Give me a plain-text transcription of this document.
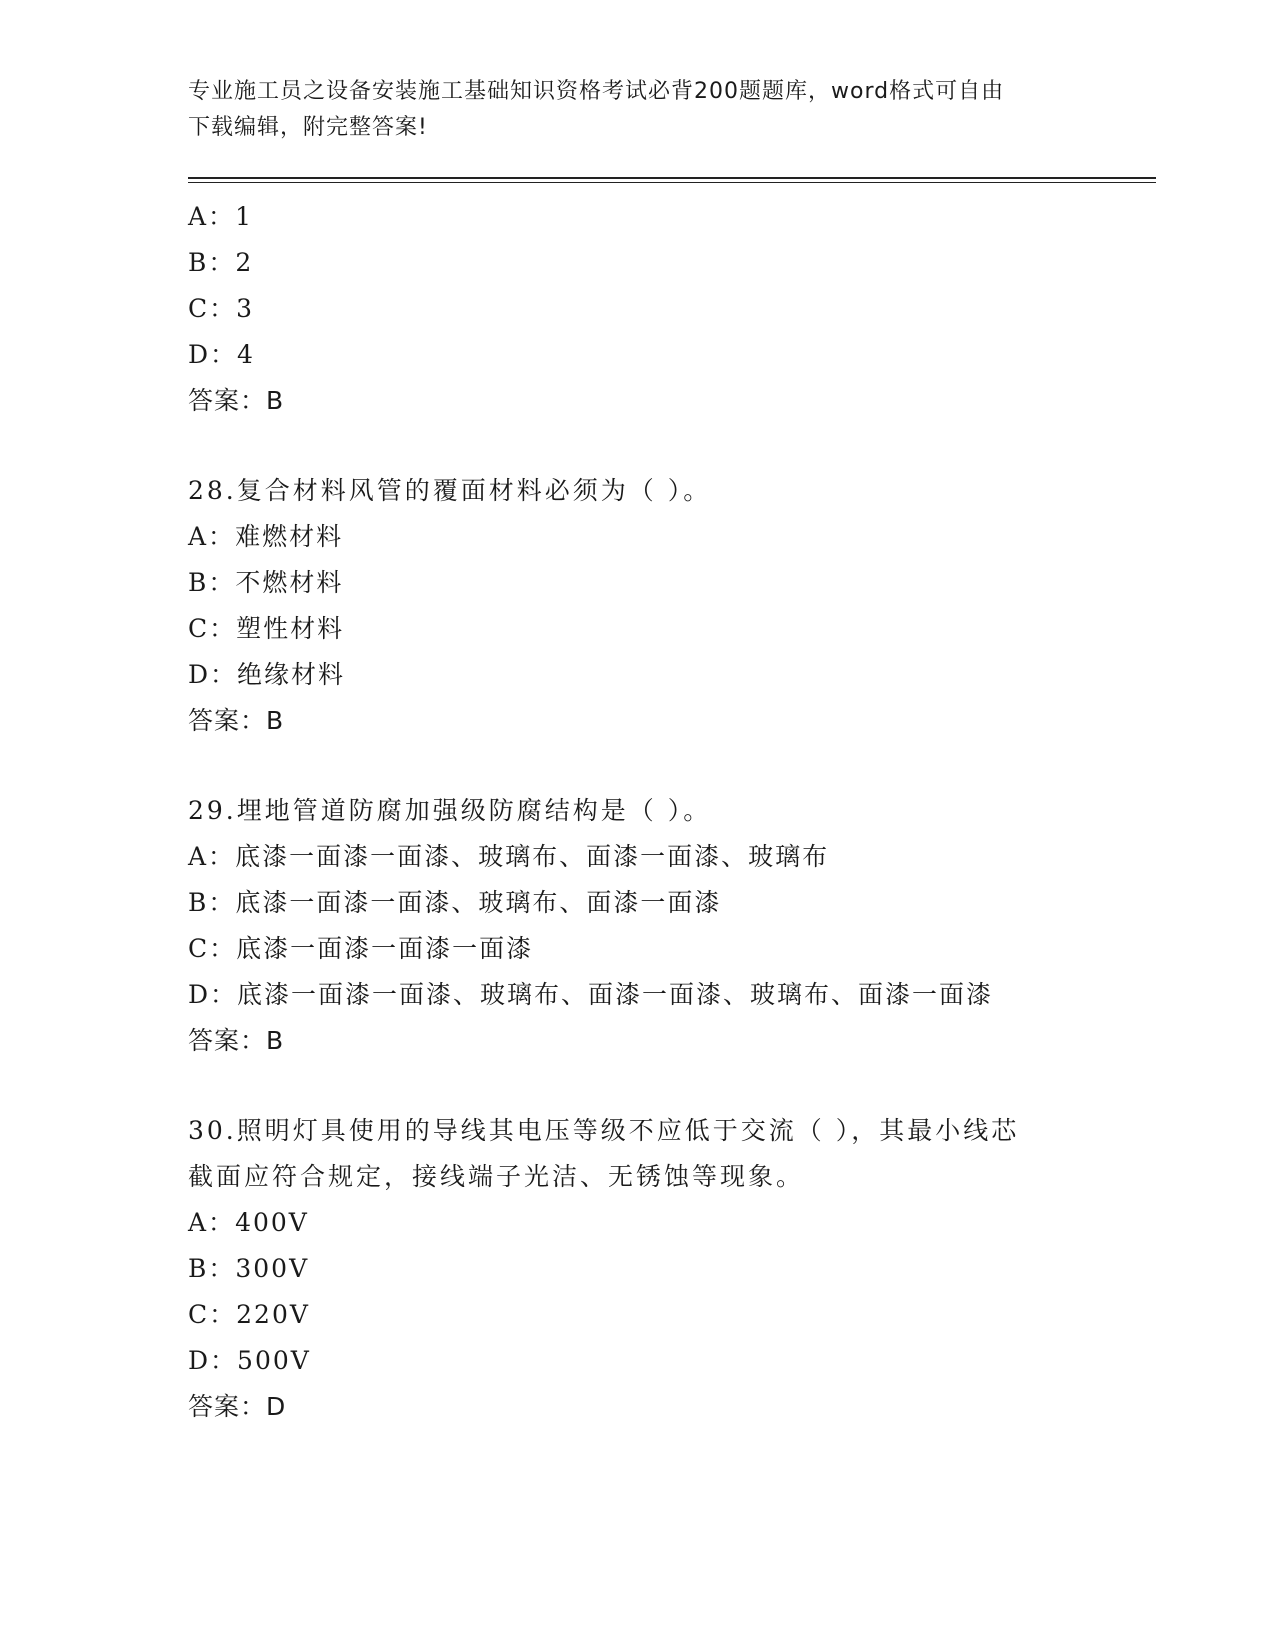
专业施工员之设备安装施工基础知识资格考试必背200题题库，word格式可自由
下载编辑，附完整答案!
A：1
B：2
C：3
D：4
答案：B
28.复合材料风管的覆面材料必须为（ ）。
A：难燃材料
B：不燃材料
C：塑性材料
D：绝缘材料
答案：B
29.埋地管道防腐加强级防腐结构是（ ）。
A：底漆一面漆一面漆、玻璃布、面漆一面漆、玻璃布
B：底漆一面漆一面漆、玻璃布、面漆一面漆
C：底漆一面漆一面漆一面漆
D：底漆一面漆一面漆、玻璃布、面漆一面漆、玻璃布、面漆一面漆
答案：B
30.照明灯具使用的导线其电压等级不应低于交流（ ），其最小线芯
截面应符合规定，接线端子光洁、无锈蚀等现象。
A：400V
B：300V
C：220V
D：500V
答案：D
